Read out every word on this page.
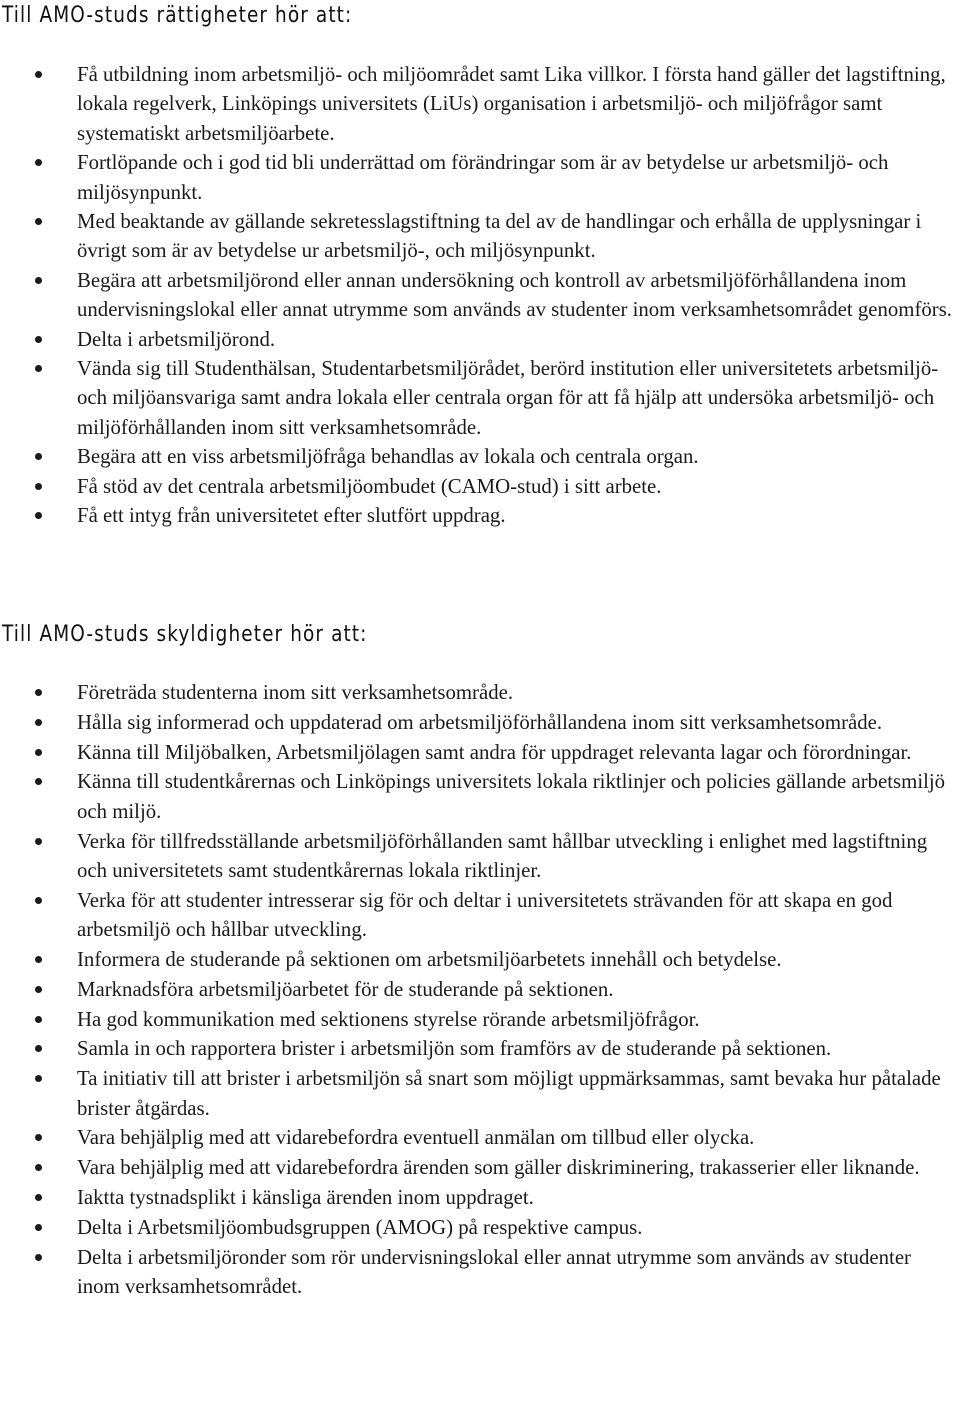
Till AMO-studs rättigheter hör att:
Få utbildning inom arbetsmiljö- och miljöområdet samt Lika villkor. I första hand gäller det lagstiftning, lokala regelverk, Linköpings universitets (LiUs) organisation i arbetsmiljö- och miljöfrågor samt systematiskt arbetsmiljöarbete.
Fortlöpande och i god tid bli underrättad om förändringar som är av betydelse ur arbetsmiljö- och miljösynpunkt.
Med beaktande av gällande sekretesslagstiftning ta del av de handlingar och erhålla de upplysningar i övrigt som är av betydelse ur arbetsmiljö-, och miljösynpunkt.
Begära att arbetsmiljörond eller annan undersökning och kontroll av arbetsmiljöförhållandena inom undervisningslokal eller annat utrymme som används av studenter inom verksamhetsområdet genomförs.
Delta i arbetsmiljörond.
Vända sig till Studenthälsan, Studentarbetsmiljörådet, berörd institution eller universitetets arbetsmiljö- och miljöansvariga samt andra lokala eller centrala organ för att få hjälp att undersöka arbetsmiljö- och miljöförhållanden inom sitt verksamhetsområde.
Begära att en viss arbetsmiljöfråga behandlas av lokala och centrala organ.
Få stöd av det centrala arbetsmiljöombudet (CAMO-stud) i sitt arbete.
Få ett intyg från universitetet efter slutfört uppdrag.
Till AMO-studs skyldigheter hör att:
Företräda studenterna inom sitt verksamhetsområde.
Hålla sig informerad och uppdaterad om arbetsmiljöförhållandena inom sitt verksamhetsområde.
Känna till Miljöbalken, Arbetsmiljölagen samt andra för uppdraget relevanta lagar och förordningar.
Känna till studentkårernas och Linköpings universitets lokala riktlinjer och policies gällande arbetsmiljö och miljö.
Verka för tillfredsställande arbetsmiljöförhållanden samt hållbar utveckling i enlighet med lagstiftning och universitetets samt studentkårernas lokala riktlinjer.
Verka för att studenter intresserar sig för och deltar i universitetets strävanden för att skapa en god arbetsmiljö och hållbar utveckling.
Informera de studerande på sektionen om arbetsmiljöarbetets innehåll och betydelse.
Marknadsföra arbetsmiljöarbetet för de studerande på sektionen.
Ha god kommunikation med sektionens styrelse rörande arbetsmiljöfrågor.
Samla in och rapportera brister i arbetsmiljön som framförs av de studerande på sektionen.
Ta initiativ till att brister i arbetsmiljön så snart som möjligt uppmärksammas, samt bevaka hur påtalade brister åtgärdas.
Vara behjälplig med att vidarebefordra eventuell anmälan om tillbud eller olycka.
Vara behjälplig med att vidarebefordra ärenden som gäller diskriminering, trakasserier eller liknande.
Iaktta tystnadsplikt i känsliga ärenden inom uppdraget.
Delta i Arbetsmiljöombudsgruppen (AMOG) på respektive campus.
Delta i arbetsmiljöronder som rör undervisningslokal eller annat utrymme som används av studenter inom verksamhetsområdet.
